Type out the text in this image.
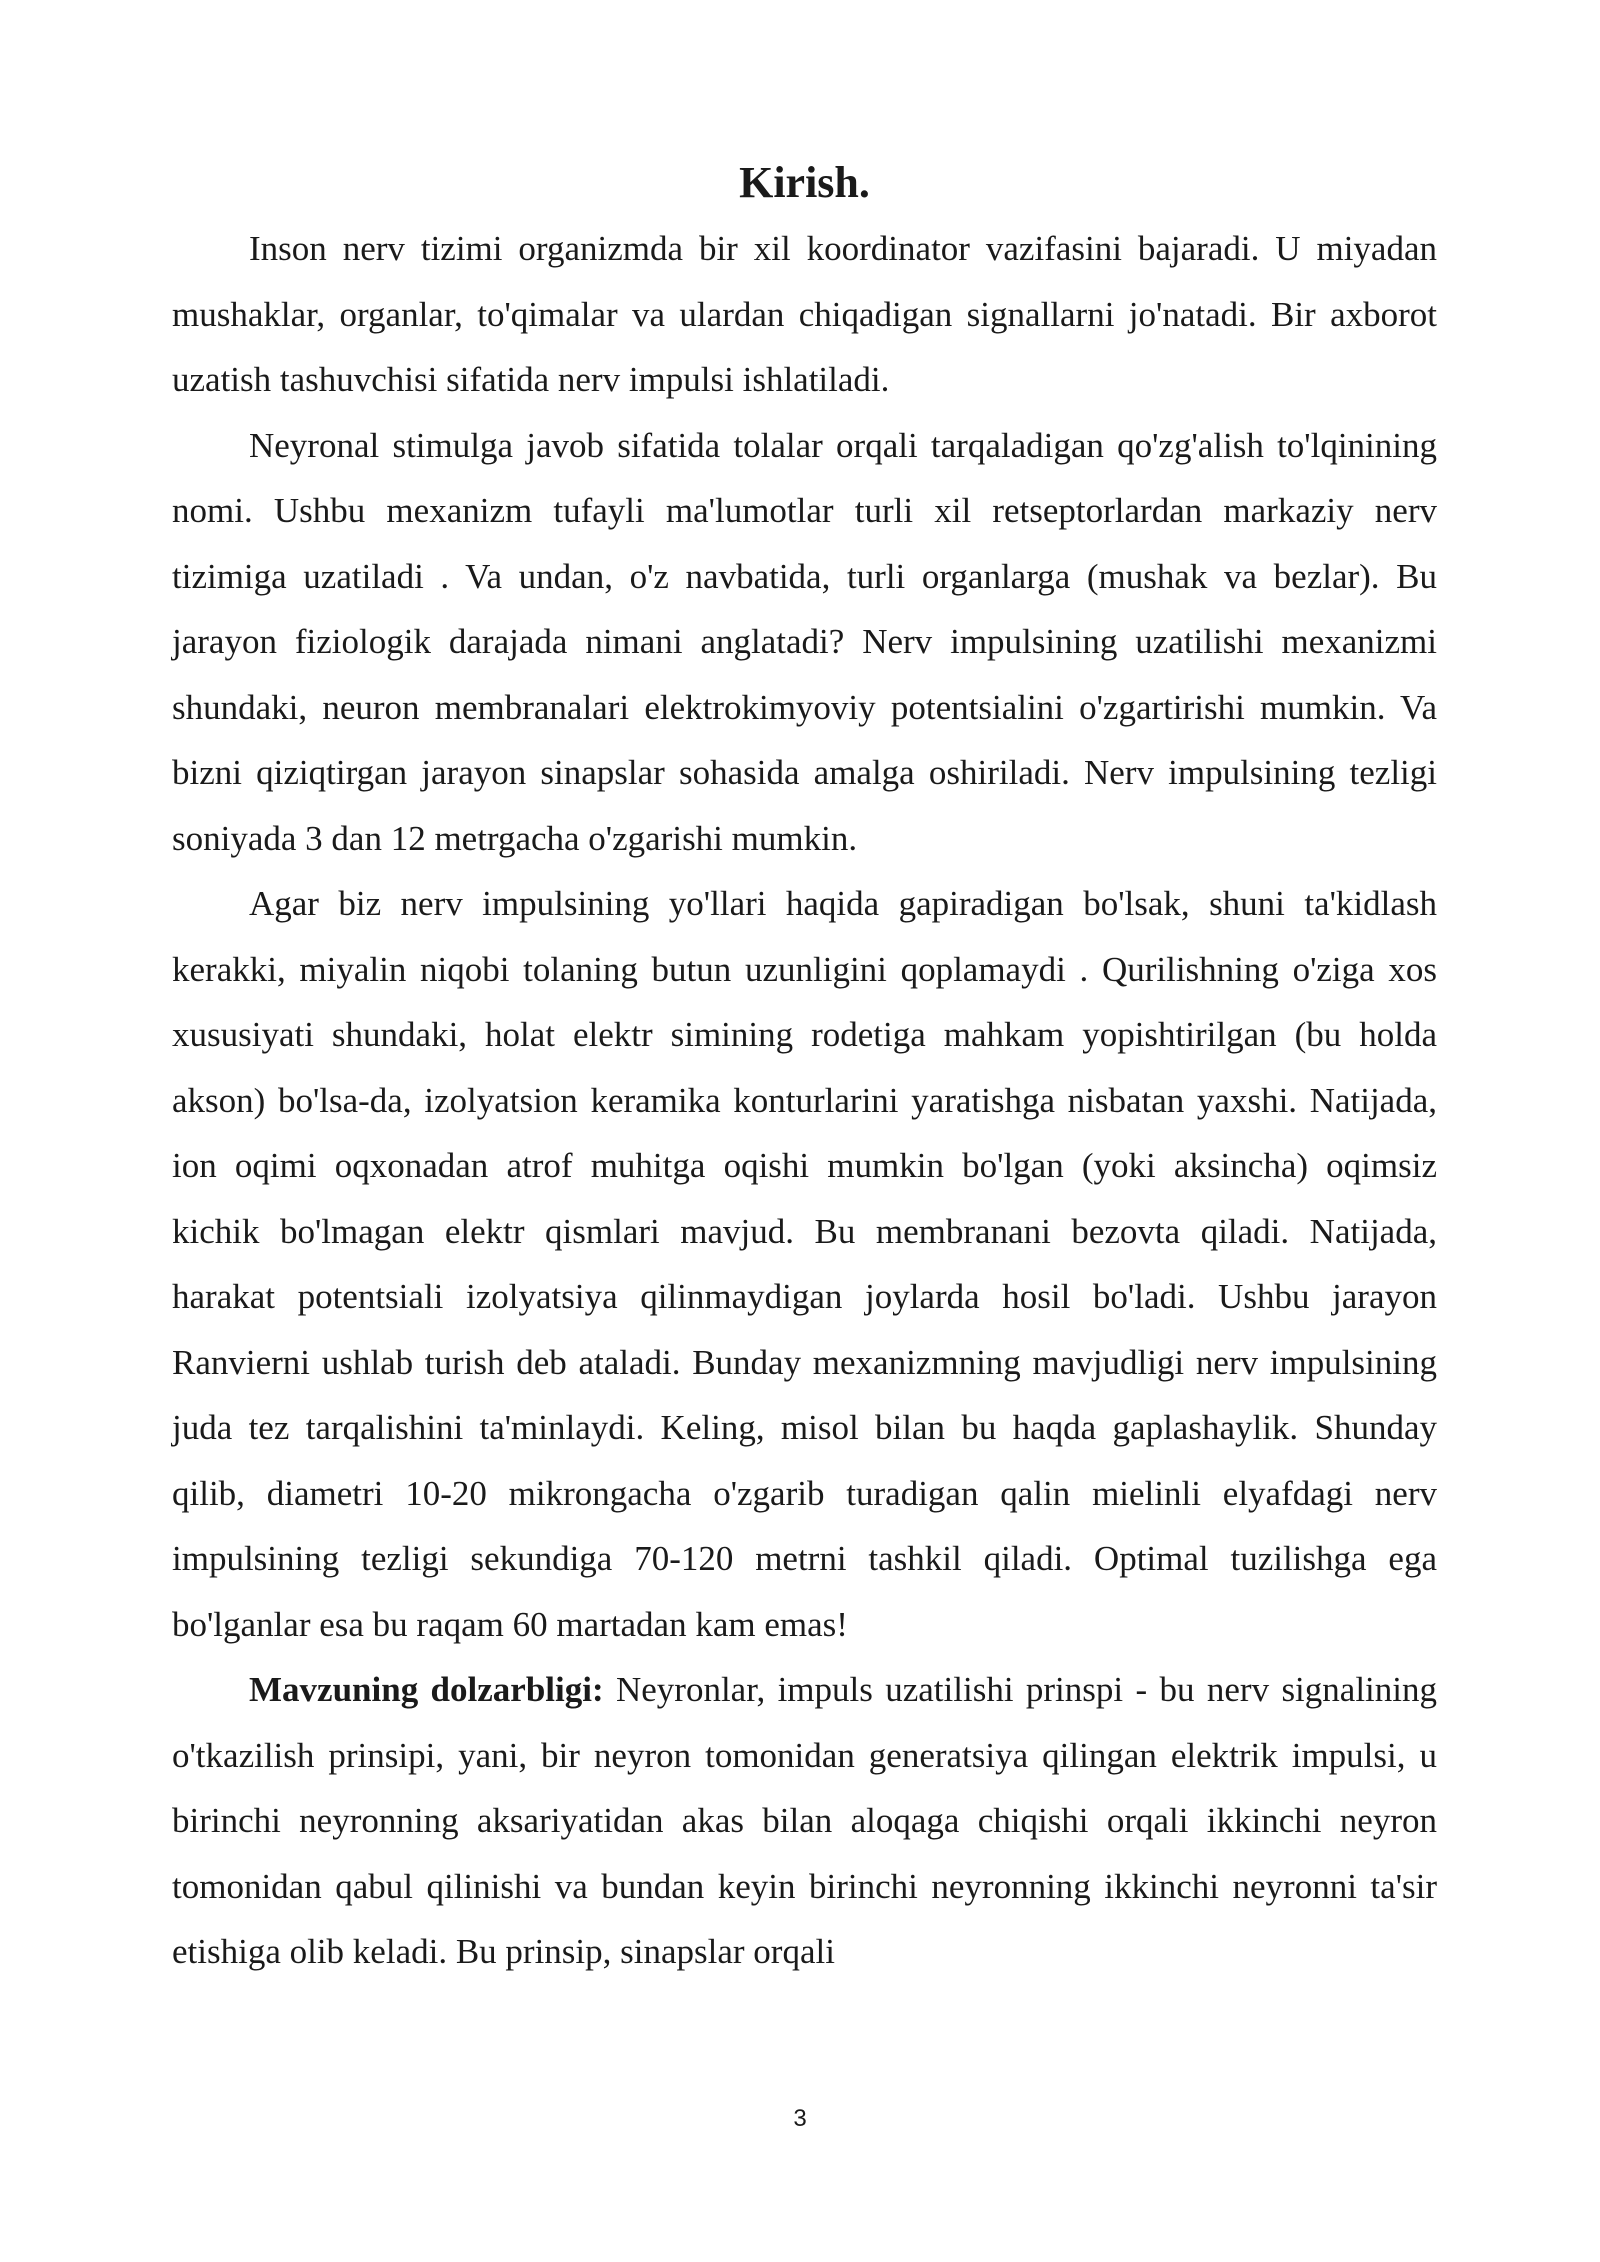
Kirish.

Inson nerv tizimi organizmda bir xil koordinator vazifasini bajaradi. U miyadan mushaklar, organlar, to'qimalar va ulardan chiqadigan signallarni jo'natadi. Bir axborot uzatish tashuvchisi sifatida nerv impulsi ishlatiladi.

Neyronal stimulga javob sifatida tolalar orqali tarqaladigan qo'zg'alish to'lqinining nomi. Ushbu mexanizm tufayli ma'lumotlar turli xil retseptorlardan markaziy nerv tizimiga uzatiladi . Va undan, o'z navbatida, turli organlarga (mushak va bezlar). Bu jarayon fiziologik darajada nimani anglatadi? Nerv impulsining uzatilishi mexanizmi shundaki, neuron membranalari elektrokimyoviy potentsialini o'zgartirishi mumkin. Va bizni qiziqtirgan jarayon sinapslar sohasida amalga oshiriladi. Nerv impulsining tezligi soniyada 3 dan 12 metrgacha o'zgarishi mumkin.

Agar biz nerv impulsining yo'llari haqida gapiradigan bo'lsak, shuni ta'kidlash kerakki, miyalin niqobi tolaning butun uzunligini qoplamaydi . Qurilishning o'ziga xos xususiyati shundaki, holat elektr simining rodetiga mahkam yopishtirilgan (bu holda akson) bo'lsa-da, izolyatsion keramika konturlarini yaratishga nisbatan yaxshi. Natijada, ion oqimi oqxonadan atrof muhitga oqishi mumkin bo'lgan (yoki aksincha) oqimsiz kichik bo'lmagan elektr qismlari mavjud. Bu membranani bezovta qiladi. Natijada, harakat potentsiali izolyatsiya qilinmaydigan joylarda hosil bo'ladi. Ushbu jarayon Ranvierni ushlab turish deb ataladi. Bunday mexanizmning mavjudligi nerv impulsining juda tez tarqalishini ta'minlaydi. Keling, misol bilan bu haqda gaplashaylik. Shunday qilib, diametri 10-20 mikrongacha o'zgarib turadigan qalin mielinli elyafdagi nerv impulsining tezligi sekundiga 70-120 metrni tashkil qiladi. Optimal tuzilishga ega bo'lganlar esa bu raqam 60 martadan kam emas!

Mavzuning dolzarbligi: Neyronlar, impuls uzatilishi prinspi - bu nerv signalining o'tkazilish prinsipi, yani, bir neyron tomonidan generatsiya qilingan elektrik impulsi, u birinchi neyronning aksariyatidan akas bilan aloqaga chiqishi orqali ikkinchi neyron tomonidan qabul qilinishi va bundan keyin birinchi neyronning ikkinchi neyronni ta'sir etishiga olib keladi. Bu prinsip, sinapslar orqali

3
